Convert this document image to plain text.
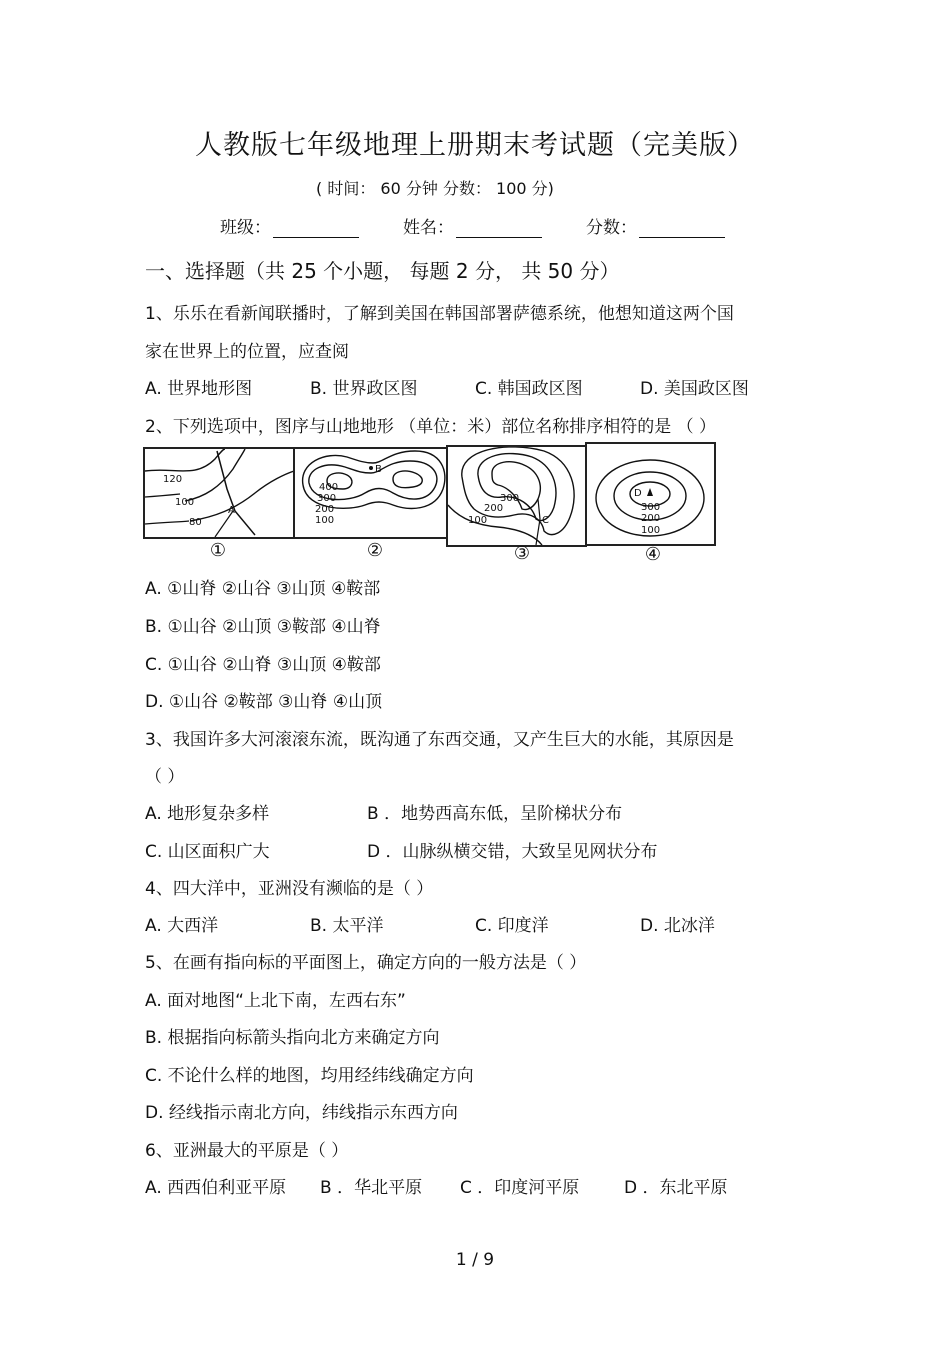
人教版七年级地理上册期末考试题（完美版）
( 时间： 60 分钟 分数： 100 分)
班级：	姓名：	分数：
一、选择题（共 25 个小题， 每题 2 分， 共 50 分）
1、乐乐在看新闻联播时，了解到美国在韩国部署萨德系统，他想知道这两个国
家在世界上的位置，应查阅
A. 世界地形图	B. 世界政区图	C. 韩国政区图	D. 美国政区图
2、下列选项中，图序与山地地形 （单位：米）部位名称排序相符的是 （ ）
120
100
80
A
①
B
400
300
200
100
②
300
200
100	C
③
D
300
200
100
④
A. ①山脊 ②山谷 ③山顶 ④鞍部
B. ①山谷 ②山顶 ③鞍部 ④山脊
C. ①山谷 ②山脊 ③山顶 ④鞍部
D. ①山谷 ②鞍部 ③山脊 ④山顶
3、我国许多大河滚滚东流，既沟通了东西交通，又产生巨大的水能，其原因是
（ ）
A. 地形复杂多样	B ．地势西高东低，呈阶梯状分布
C. 山区面积广大	D ．山脉纵横交错，大致呈见网状分布
4、四大洋中，亚洲没有濒临的是（ ）
A. 大西洋	B. 太平洋	C. 印度洋	D. 北冰洋
5、在画有指向标的平面图上，确定方向的一般方法是（ ）
A. 面对地图“上北下南，左西右东”
B. 根据指向标箭头指向北方来确定方向
C. 不论什么样的地图，均用经纬线确定方向
D. 经线指示南北方向，纬线指示东西方向
6、亚洲最大的平原是（ ）
A. 西西伯利亚平原 B ．华北平原 C ．印度河平原	D ．东北平原
1 / 9
